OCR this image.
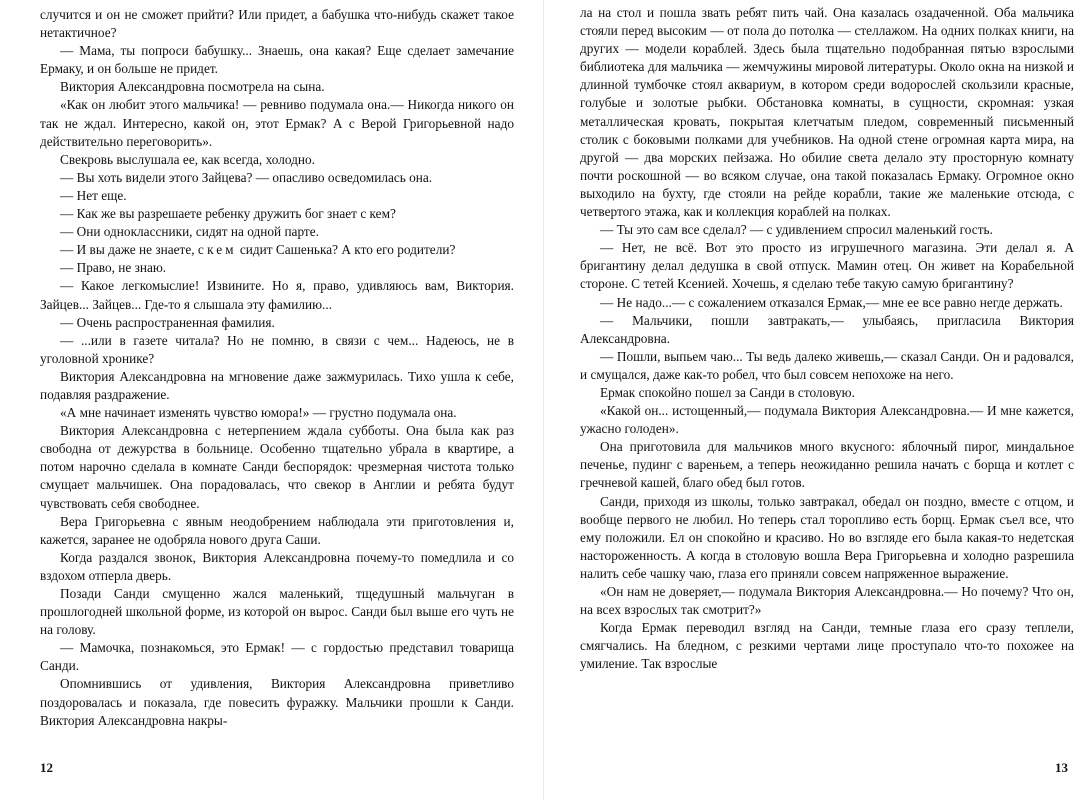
случится и он не сможет прийти? Или придет, а бабушка что-нибудь скажет такое нетактичное?

— Мама, ты попроси бабушку... Знаешь, она какая? Еще сделает замечание Ермаку, и он больше не придет.

Виктория Александровна посмотрела на сына.

«Как он любит этого мальчика! — ревниво подумала она.— Никогда никого он так не ждал. Интересно, какой он, этот Ермак? А с Верой Григорьевной надо действительно переговорить».

Свекровь выслушала ее, как всегда, холодно.

— Вы хоть видели этого Зайцева? — опасливо осведомилась она.

— Нет еще.

— Как же вы разрешаете ребенку дружить бог знает с кем?

— Они одноклассники, сидят на одной парте.

— И вы даже не знаете, с кем сидит Сашенька? А кто его родители?

— Право, не знаю.

— Какое легкомыслие! Извините. Но я, право, удивляюсь вам, Виктория. Зайцев... Зайцев... Где-то я слышала эту фамилию...

— Очень распространенная фамилия.

— ...или в газете читала? Но не помню, в связи с чем... Надеюсь, не в уголовной хронике?

Виктория Александровна на мгновение даже зажмурилась. Тихо ушла к себе, подавляя раздражение.

«А мне начинает изменять чувство юмора!» — грустно подумала она.

Виктория Александровна с нетерпением ждала субботы. Она была как раз свободна от дежурства в больнице. Особенно тщательно убрала в квартире, а потом нарочно сделала в комнате Санди беспорядок: чрезмерная чистота только смущает мальчишек. Она порадовалась, что свекор в Англии и ребята будут чувствовать себя свободнее.

Вера Григорьевна с явным неодобрением наблюдала эти приготовления и, кажется, заранее не одобряла нового друга Саши.

Когда раздался звонок, Виктория Александровна почему-то помедлила и со вздохом отперла дверь.

Позади Санди смущенно жался маленький, тщедушный мальчуган в прошлогодней школьной форме, из которой он вырос. Санди был выше его чуть не на голову.

— Мамочка, познакомься, это Ермак! — с гордостью представил товарища Санди.

Опомнившись от удивления, Виктория Александровна приветливо поздоровалась и показала, где повесить фуражку. Мальчики прошли к Санди. Виктория Александровна накры-

12

ла на стол и пошла звать ребят пить чай. Она казалась озадаченной. Оба мальчика стояли перед высоким — от пола до потолка — стеллажом. На одних полках книги, на других — модели кораблей. Здесь была тщательно подобранная пятью взрослыми библиотека для мальчика — жемчужины мировой литературы. Около окна на низкой и длинной тумбочке стоял аквариум, в котором среди водорослей скользили красные, голубые и золотые рыбки. Обстановка комнаты, в сущности, скромная: узкая металлическая кровать, покрытая клетчатым пледом, современный письменный столик с боковыми полками для учебников. На одной стене огромная карта мира, на другой — два морских пейзажа. Но обилие света делало эту просторную комнату почти роскошной — во всяком случае, она такой показалась Ермаку. Огромное окно выходило на бухту, где стояли на рейде корабли, такие же маленькие отсюда, с четвертого этажа, как и коллекция кораблей на полках.

— Ты это сам все сделал? — с удивлением спросил маленький гость.

— Нет, не всё. Вот это просто из игрушечного магазина. Эти делал я. А бригантину делал дедушка в свой отпуск. Мамин отец. Он живет на Корабельной стороне. С тетей Ксенией. Хочешь, я сделаю тебе такую самую бригантину?

— Не надо...— с сожалением отказался Ермак,— мне ее все равно негде держать.

— Мальчики, пошли завтракать,— улыбаясь, пригласила Виктория Александровна.

— Пошли, выпьем чаю... Ты ведь далеко живешь,— сказал Санди. Он и радовался, и смущался, даже как-то робел, что был совсем непохоже на него.

Ермак спокойно пошел за Санди в столовую.

«Какой он... истощенный,— подумала Виктория Александровна.— И мне кажется, ужасно голоден».

Она приготовила для мальчиков много вкусного: яблочный пирог, миндальное печенье, пудинг с вареньем, а теперь неожиданно решила начать с борща и котлет с гречневой кашей, благо обед был готов.

Санди, приходя из школы, только завтракал, обедал он поздно, вместе с отцом, и вообще первого не любил. Но теперь стал торопливо есть борщ. Ермак съел все, что ему положили. Ел он спокойно и красиво. Но во взгляде его была какая-то недетская настороженность. А когда в столовую вошла Вера Григорьевна и холодно разрешила налить себе чашку чаю, глаза его приняли совсем напряженное выражение.

«Он нам не доверяет,— подумала Виктория Александровна.— Но почему? Что он, на всех взрослых так смотрит?»

Когда Ермак переводил взгляд на Санди, темные глаза его сразу теплели, смягчались. На бледном, с резкими чертами лице проступало что-то похожее на умиление. Так взрослые

13
